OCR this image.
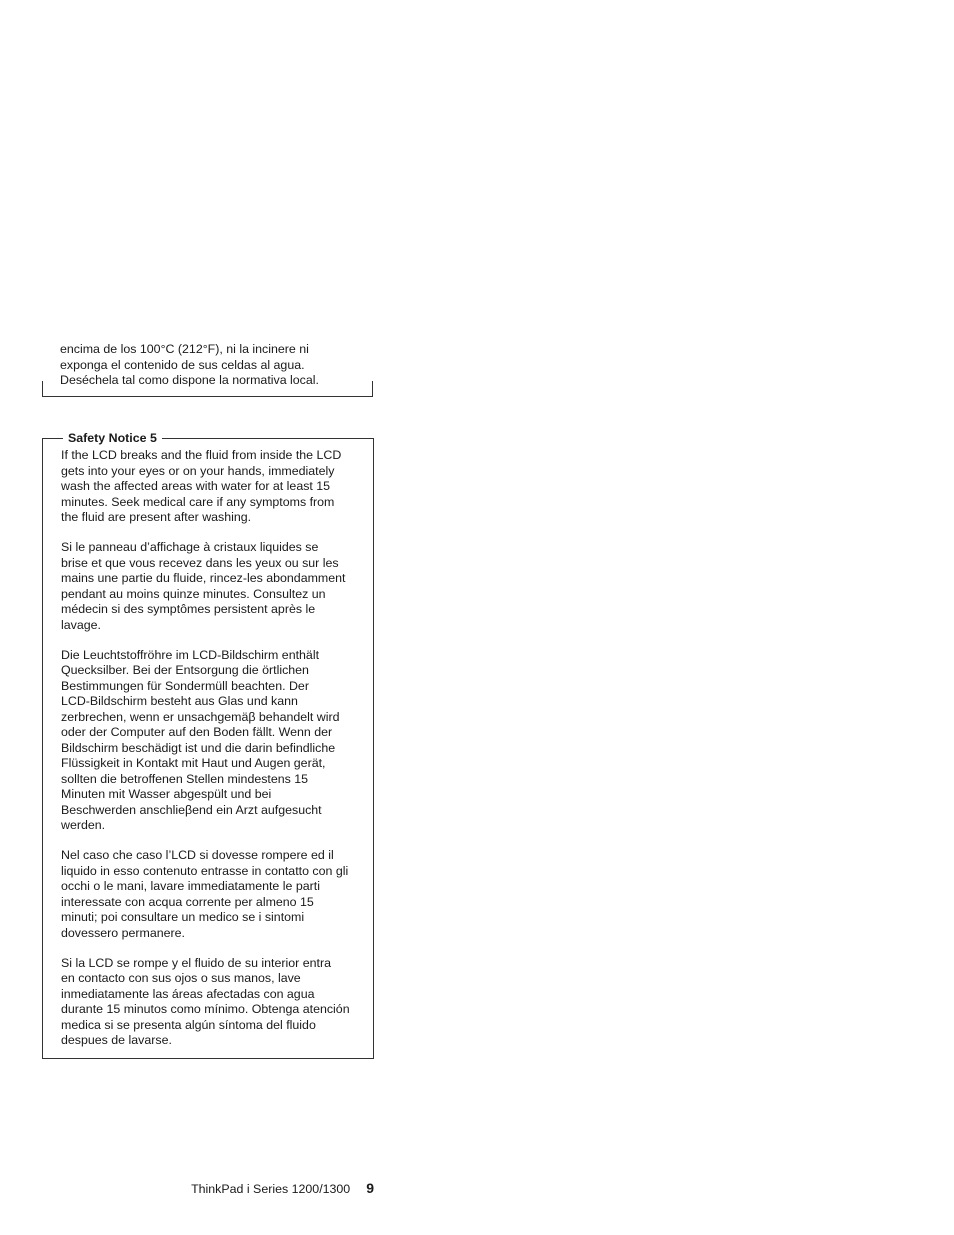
encima de los 100°C (212°F), ni la incinere ni
exponga el contenido de sus celdas al agua.
Deséchela tal como dispone la normativa local.

Safety Notice 5

If the LCD breaks and the fluid from inside the LCD
gets into your eyes or on your hands, immediately
wash the affected areas with water for at least 15
minutes. Seek medical care if any symptoms from
the fluid are present after washing.

Si le panneau d’affichage à cristaux liquides se
brise et que vous recevez dans les yeux ou sur les
mains une partie du fluide, rincez-les abondamment
pendant au moins quinze minutes. Consultez un
médecin si des symptômes persistent après le
lavage.

Die Leuchtstoffröhre im LCD-Bildschirm enthält
Quecksilber. Bei der Entsorgung die örtlichen
Bestimmungen für Sondermüll beachten. Der
LCD-Bildschirm besteht aus Glas und kann
zerbrechen, wenn er unsachgemäβ behandelt wird
oder der Computer auf den Boden fällt. Wenn der
Bildschirm beschädigt ist und die darin befindliche
Flüssigkeit in Kontakt mit Haut und Augen gerät,
sollten die betroffenen Stellen mindestens 15
Minuten mit Wasser abgespült und bei
Beschwerden anschlieβend ein Arzt aufgesucht
werden.

Nel caso che caso l’LCD si dovesse rompere ed il
liquido in esso contenuto entrasse in contatto con gli
occhi o le mani, lavare immediatamente le parti
interessate con acqua corrente per almeno 15
minuti; poi consultare un medico se i sintomi
dovessero permanere.

Si la LCD se rompe y el fluido de su interior entra
en contacto con sus ojos o sus manos, lave
inmediatamente las áreas afectadas con agua
durante 15 minutos como mínimo. Obtenga atención
medica si se presenta algún síntoma del fluido
despues de lavarse.

ThinkPad i Series 1200/1300 9
